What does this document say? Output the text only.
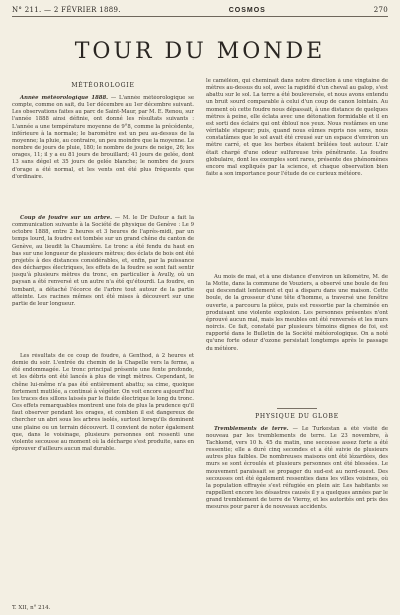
N° 211. — 2 FÉVRIER 1889.	COSMOS	270
TOUR DU MONDE
MÉTÉOROLOGIE

Année météorologique 1888. — L'année météorologique se compte, comme on sait, du 1er décembre au 1er décembre suivant. Les observations faites au parc de Saint-Maur, par M. E. Renou, sur l'année 1888 ainsi définie, ont donné les résultats suivants : L'année a une température moyenne de 9°8, comme la précédente, inférieure à la normale; le baromètre est un peu au-dessus de la moyenne; la pluie, au contraire, un peu moindre que la moyenne. Le nombre de jours de pluie, 180; le nombre de jours de neige, 26; les orages, 11; il y a eu 81 jours de brouillard; 41 jours de gelée, dont 13 sans dégel et 35 jours de gelée blanche; le nombre de jours d'orage a été normal, et les vents ont été plus fréquents que d'ordinaire.

Coup de foudre sur un arbre. — M. le Dr Dufour a fait la communication suivante à la Société de physique de Genève : Le 9 octobre 1888, entre 2 heures et 3 heures de l'après-midi, par un temps lourd, la foudre est tombée sur un grand chêne du canton de Genève, au lieudit la Chaumière. Le tronc a été fendu du haut en bas sur une longueur de plusieurs mètres; des éclats de bois ont été projetés à des distances considérables, et, enfin, par la puissance des décharges électriques, les effets de la foudre se sont fait sentir jusqu'à plusieurs mètres du tronc, en particulier à Avully, où un paysan a été renversé et un autre n'a été qu'étourdi. La foudre, en tombant, a détaché l'écorce de l'arbre tout autour de la partie atteinte. Les racines mêmes ont été mises à découvert sur une partie de leur longueur.

Les résultats de ce coup de foudre, à Genthod, à 2 heures et demie du soir. L'entrée du chemin de la Chapelle vers la ferme, a été endommagée. Le tronc principal présente une fente profonde, et les débris ont été lancés à plus de vingt mètres. Cependant, le chêne lui-même n'a pas été entièrement abattu; sa cime, quoique fortement mutilée, a continué à végéter. On voit encore aujourd'hui les traces des sillons laissés par le fluide électrique le long du tronc. Ces effets remarquables montrent une fois de plus la prudence qu'il faut observer pendant les orages, et combien il est dangereux de chercher un abri sous les arbres isolés, surtout lorsqu'ils dominent une plaine ou un terrain découvert. Il convient de noter également que, dans le voisinage, plusieurs personnes ont ressenti une violente secousse au moment où la décharge s'est produite, sans en éprouver d'ailleurs aucun mal durable.

le caméléon, qui cheminait dans notre direction à une vingtaine de mètres au-dessus du sol, avec la rapidité d'un cheval au galop, s'est abattu sur le sol. La terre a été bouleversée, et nous avons entendu un bruit sourd comparable à celui d'un coup de canon lointain. Au moment où cette foudre nous dépassait, à une distance de quelques mètres à peine, elle éclata avec une détonation formidable et il en est sorti des éclairs qui ont éblouï nos yeux. Nous restâmes en une véritable stupeur; puis, quand nous eûmes repris nos sens, nous constatâmes que le sol avait été creusé sur un espace d'environ un mètre carré, et que les herbes étaient brûlées tout autour. L'air était chargé d'une odeur sulfureuse très pénétrante. La foudre globulaire, dont les exemples sont rares, présente des phénomènes encore mal expliqués par la science, et chaque observation bien faite a son importance pour l'étude de ce curieux météore.

Au mois de mai, et à une distance d'environ un kilomètre, M. de la Motte, dans la commune de Vouziers, a observé une boule de feu qui descendait lentement et qui a disparu dans une maison. Cette boule, de la grosseur d'une tête d'homme, a traversé une fenêtre ouverte, a parcouru la pièce, puis est ressortie par la cheminée en produisant une violente explosion. Les personnes présentes n'ont éprouvé aucun mal, mais les meubles ont été renversés et les murs noircis. Ce fait, constaté par plusieurs témoins dignes de foi, est rapporté dans le Bulletin de la Société météorologique. On a noté qu'une forte odeur d'ozone persistait longtemps après le passage du météore.

PHYSIQUE DU GLOBE

Tremblements de terre. — Le Turkestan a été visité de nouveau par les tremblements de terre. Le 23 novembre, à Tachkend, vers 10 h. 45 du matin, une secousse assez forte a été ressentie; elle a duré cinq secondes et a été suivie de plusieurs autres plus faibles. De nombreuses maisons ont été lézardées, des murs se sont écroulés et plusieurs personnes ont été blessées. Le mouvement paraissait se propager du sud-est au nord-ouest. Des secousses ont été également ressenties dans les villes voisines, où la population effrayée s'est réfugiée en plein air. Les habitants se rappellent encore les désastres causés il y a quelques années par le grand tremblement de terre de Vierny, et les autorités ont pris des mesures pour parer à de nouveaux accidents.

T. XII, n° 214.
